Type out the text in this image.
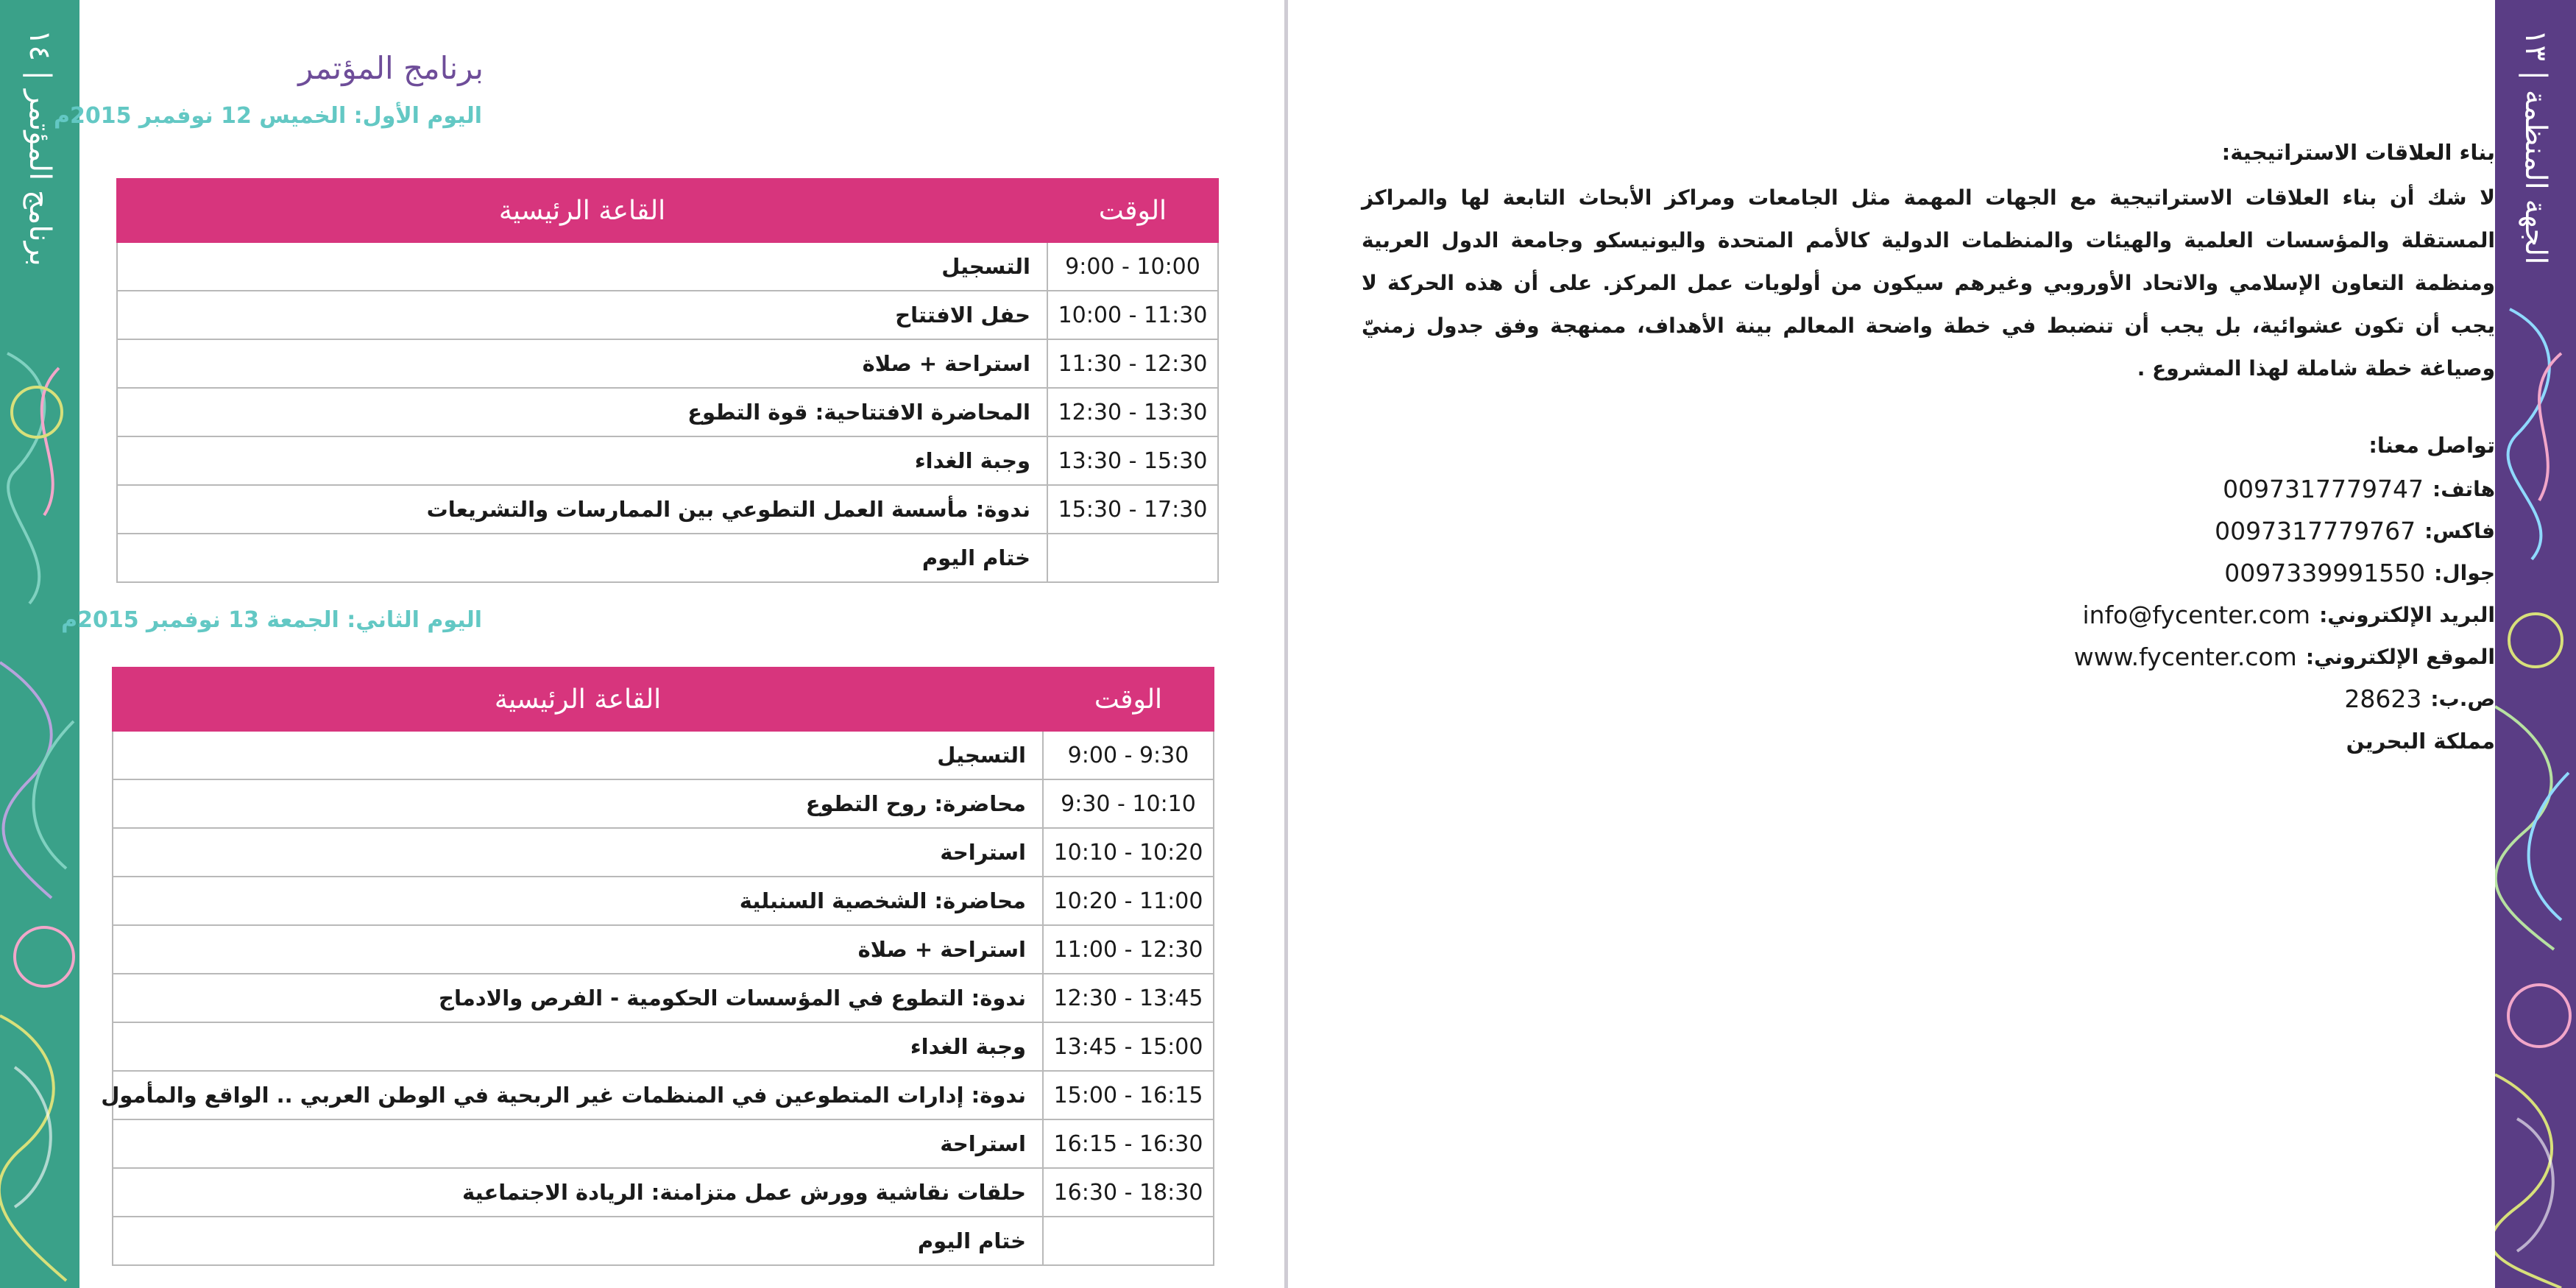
برنامج المؤتمر | ١٤	برنامج المؤتمر
اليوم الأول: الخميس 12 نوفمبر 2015م
الوقت	القاعة الرئيسية
9:00 - 10:00	التسجيل
10:00 - 11:30	حفل الافتتاح
11:30 - 12:30	استراحة + صلاة
12:30 - 13:30	المحاضرة الافتتاحية: قوة التطوع
13:30 - 15:30	وجبة الغداء
15:30 - 17:30	ندوة: مأسسة العمل التطوعي بين الممارسات والتشريعات
	ختام اليوم
اليوم الثاني: الجمعة 13 نوفمبر 2015م
الوقت	القاعة الرئيسية
9:00 - 9:30	التسجيل
9:30 - 10:10	محاضرة: روح التطوع
10:10 - 10:20	استراحة
10:20 - 11:00	محاضرة: الشخصية السنبلية
11:00 - 12:30	استراحة + صلاة
12:30 - 13:45	ندوة: التطوع في المؤسسات الحكومية - الفرص والادماج
13:45 - 15:00	وجبة الغداء
15:00 - 16:15	ندوة: إدارات المتطوعين في المنظمات غير الربحية في الوطن العربي .. الواقع والمأمول
16:15 - 16:30	استراحة
16:30 - 18:30	حلقات نقاشية وورش عمل متزامنة: الريادة الاجتماعية
	ختام اليوم
بناء العلاقات الاستراتيجية:

لا شك أن بناء العلاقات الاستراتيجية مع الجهات المهمة مثل الجامعات ومراكز الأبحاث التابعة لها والمراكز المستقلة والمؤسسات العلمية والهيئات والمنظمات الدولية كالأمم المتحدة واليونيسكو وجامعة الدول العربية ومنظمة التعاون الإسلامي والاتحاد الأوروبي وغيرهم سيكون من أولويات عمل المركز. على أن هذه الحركة لا يجب أن تكون عشوائية، بل يجب أن تنضبط في خطة واضحة المعالم بينة الأهداف، ممنهجة وفق جدول زمنيّ وصياغة خطة شاملة لهذا المشروع .

تواصل معنا:
هاتف:
0097317779747
فاكس:
0097317779767
جوال:
0097339991550
البريد الإلكتروني:
info@fycenter.com
الموقع الإلكتروني:
www.fycenter.com
ص.ب:
28623
مملكة البحرين
الجهة المنظمة | ١٣
